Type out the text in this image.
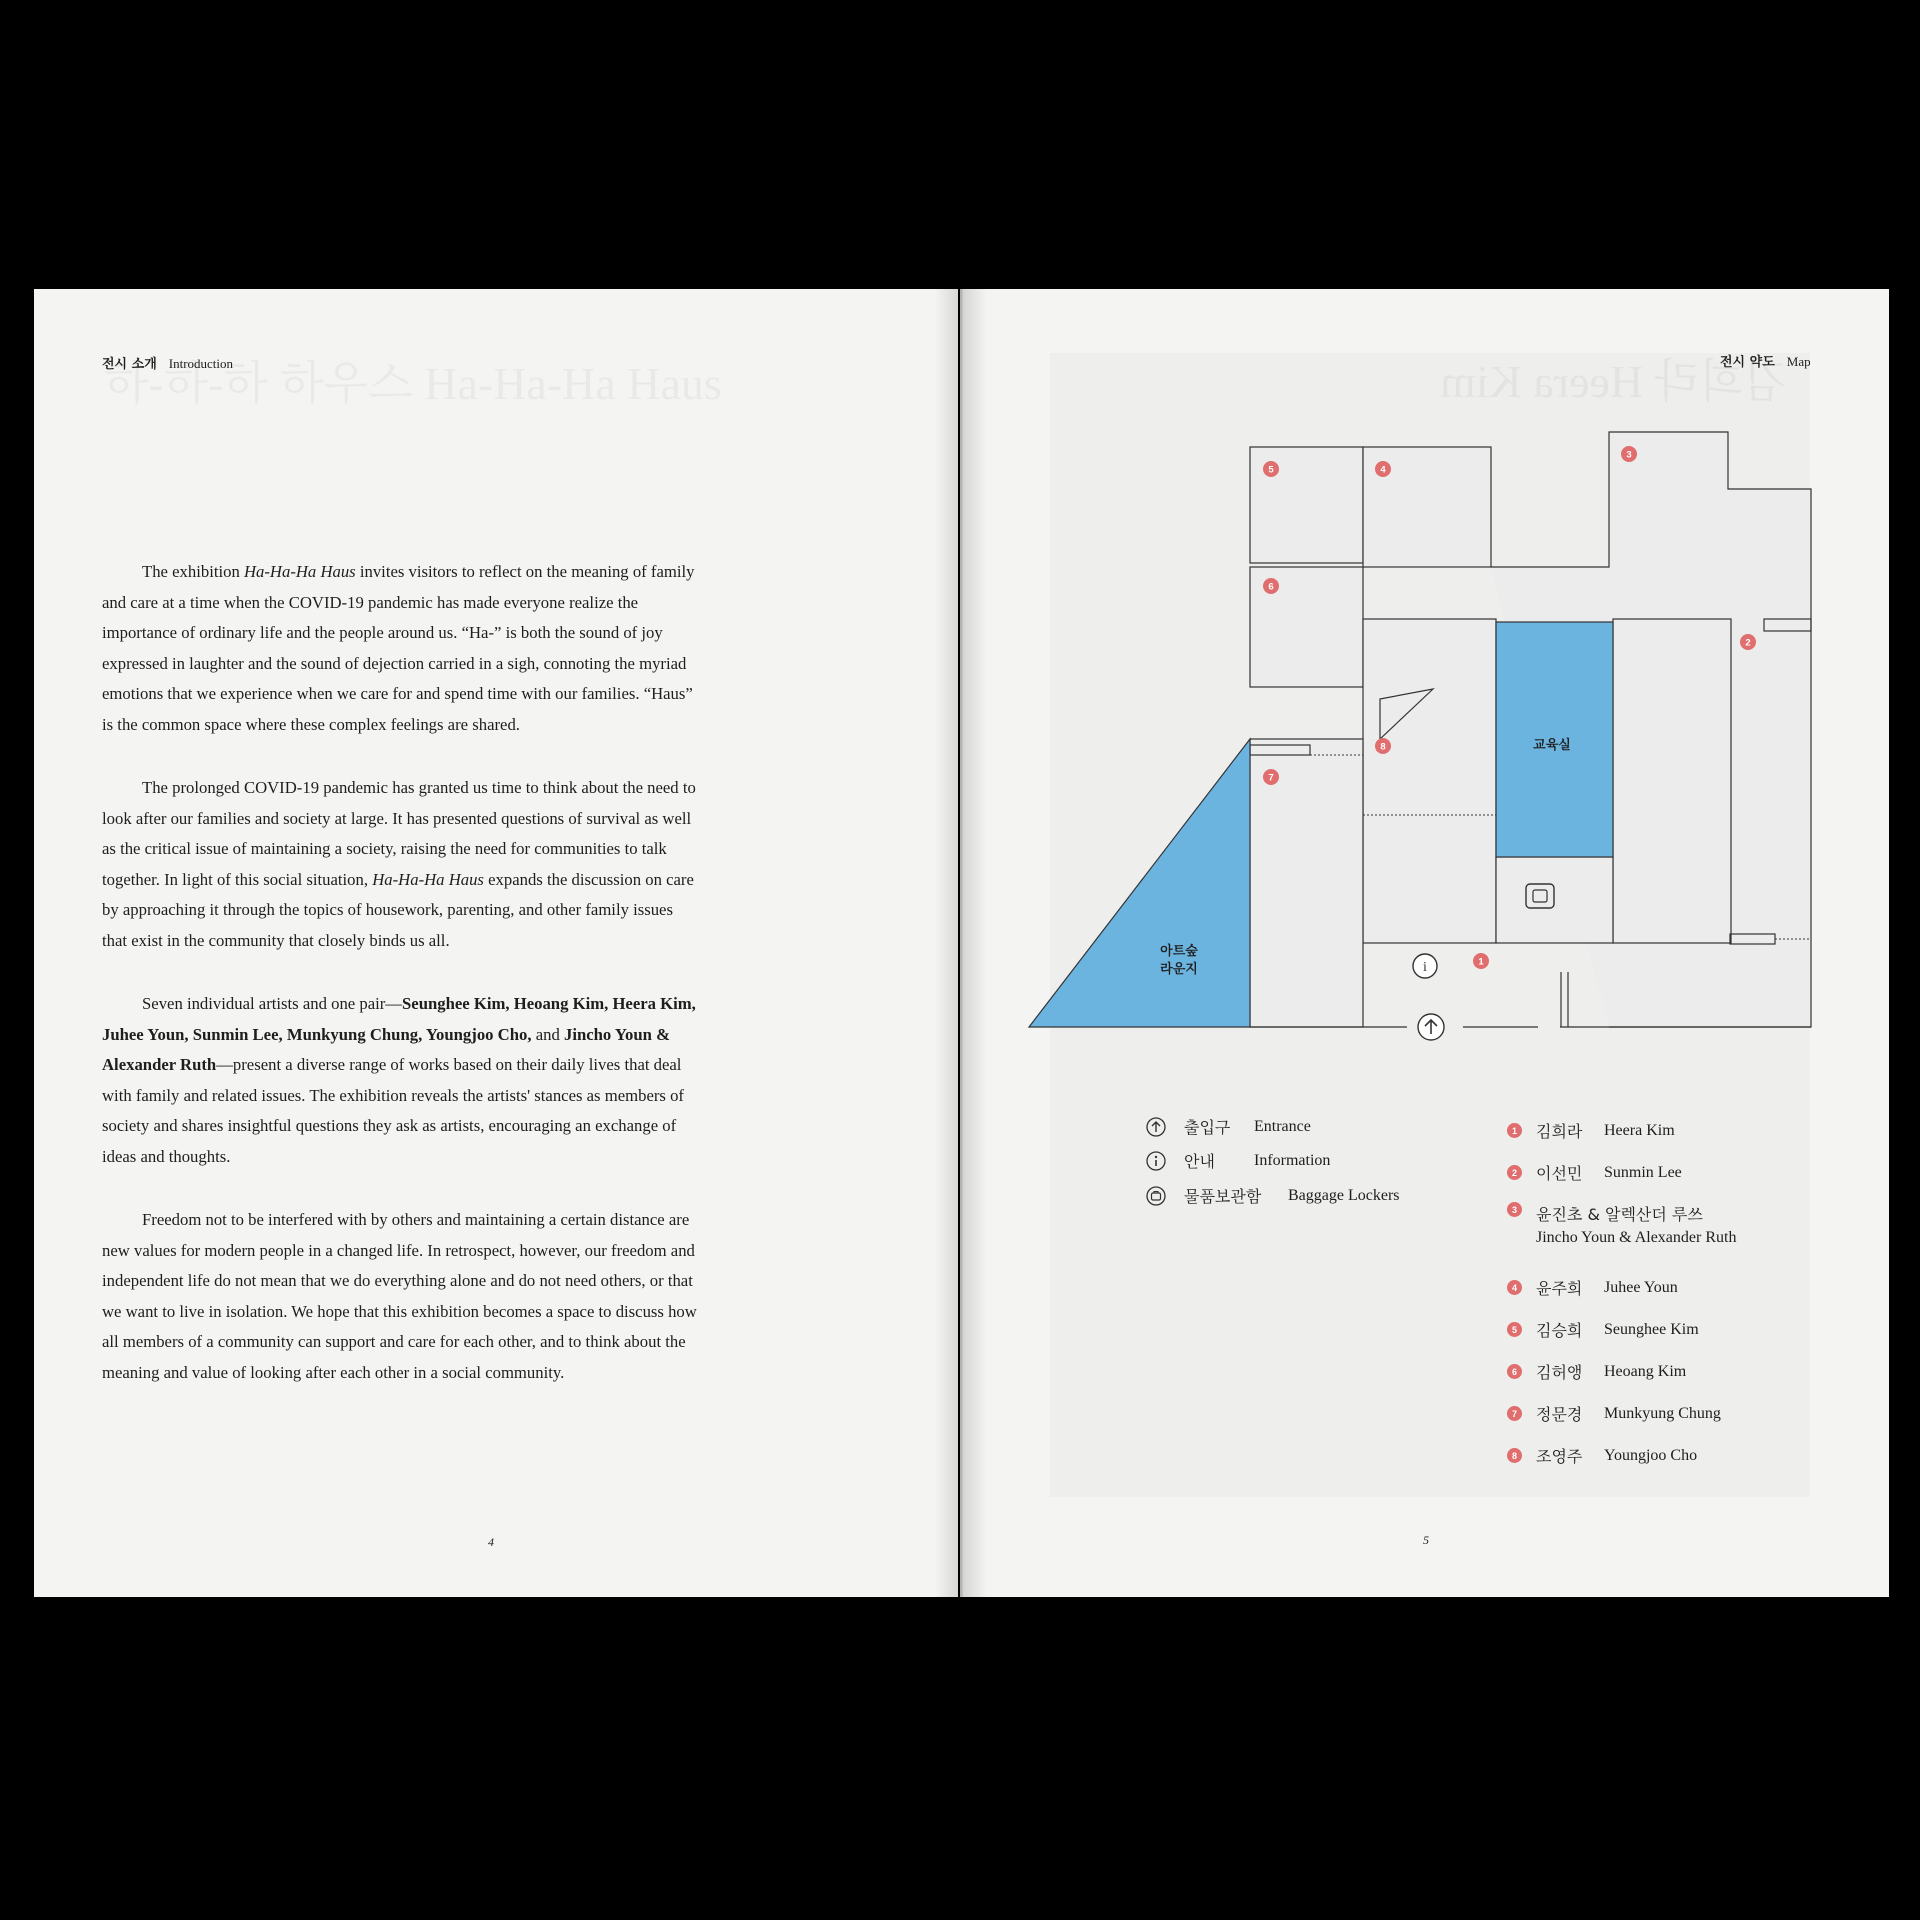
전시 소개 Introduction

The exhibition Ha-Ha-Ha Haus invites visitors to reflect on the meaning of family and care at a time when the COVID-19 pandemic has made everyone realize the importance of ordinary life and the people around us. “Ha-” is both the sound of joy expressed in laughter and the sound of dejection carried in a sigh, connoting the myriad emotions that we experience when we care for and spend time with our families. “Haus” is the common space where these complex feelings are shared.

The prolonged COVID-19 pandemic has granted us time to think about the need to look after our families and society at large. It has presented questions of survival as well as the critical issue of maintaining a society, raising the need for communities to talk together. In light of this social situation, Ha-Ha-Ha Haus expands the discussion on care by approaching it through the topics of housework, parenting, and other family issues that exist in the community that closely binds us all.

Seven individual artists and one pair—Seunghee Kim, Heoang Kim, Heera Kim, Juhee Youn, Sunmin Lee, Munkyung Chung, Youngjoo Cho, and Jincho Youn & Alexander Ruth—present a diverse range of works based on their daily lives that deal with family and related issues. The exhibition reveals the artists' stances as members of society and shares insightful questions they ask as artists, encouraging an exchange of ideas and thoughts.

Freedom not to be interfered with by others and maintaining a certain distance are new values for modern people in a changed life. In retrospect, however, our freedom and independent life do not mean that we do everything alone and do not need others, or that we want to live in isolation. We hope that this exhibition becomes a space to discuss how all members of a community can support and care for each other, and to think about the meaning and value of looking after each other in a social community.

4
전시 약도 Map
i
교육실
아트숲
라운지	1
2
3
4
5
6
7
8
출입구	Entrance
안내	Information
물품보관함	Baggage Lockers
1	김희라	Heera Kim
2	이선민	Sunmin Lee
3	윤진초 & 알렉산더 루쓰
Jincho Youn & Alexander Ruth
4	윤주희	Juhee Youn
5	김승희	Seunghee Kim
6	김허앵	Heoang Kim
7	정문경	Munkyung Chung
8	조영주	Youngjoo Cho
5
